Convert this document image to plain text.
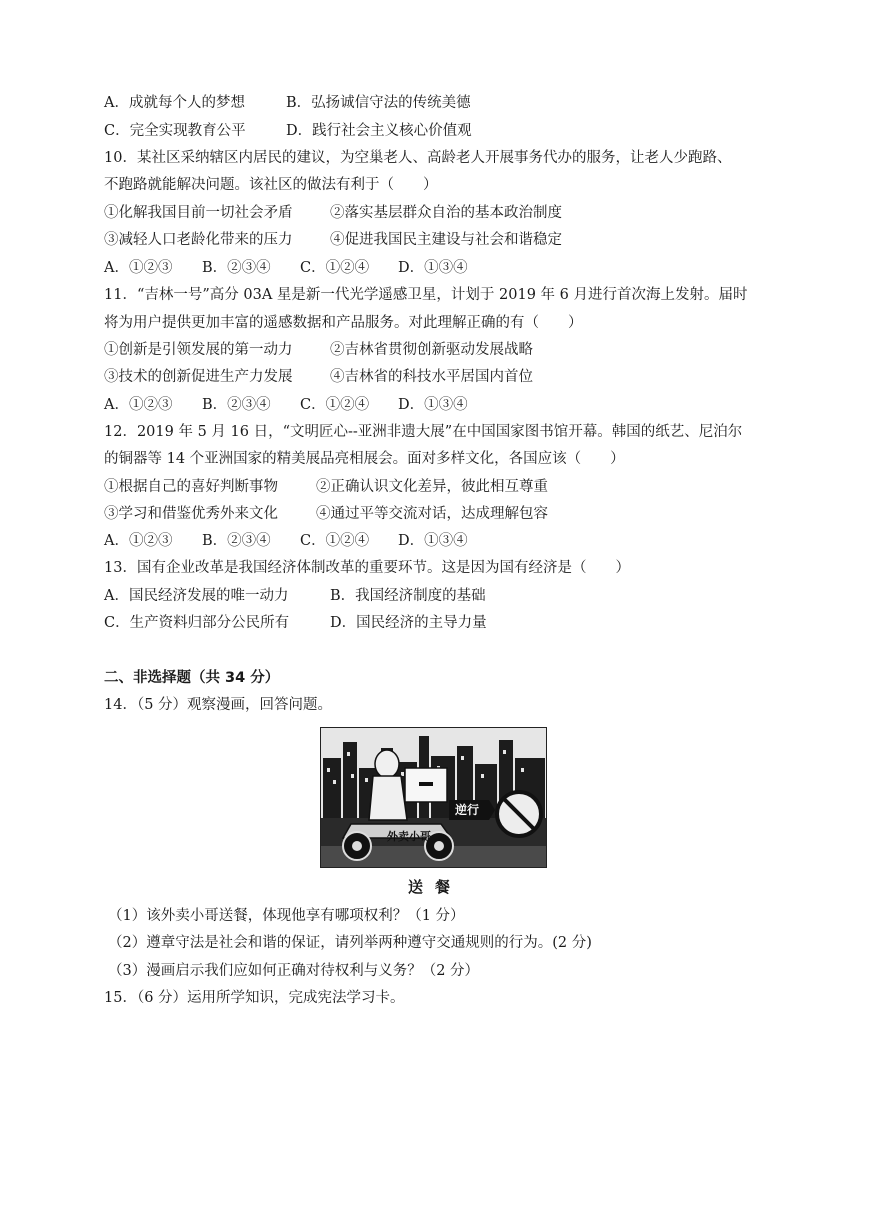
A．成就每个人的梦想	B．弘扬诚信守法的传统美德
C．完全实现教育公平	D．践行社会主义核心价值观
10．某社区采纳辖区内居民的建议，为空巢老人、高龄老人开展事务代办的服务，让老人少跑路、
不跑路就能解决问题。该社区的做法有利于（　　）
①化解我国目前一切社会矛盾	②落实基层群众自治的基本政治制度
③减轻人口老龄化带来的压力	④促进我国民主建设与社会和谐稳定
A．①②③ B．②③④ C．①②④ D．①③④
11．“吉林一号”高分 03A 星是新一代光学遥感卫星，计划于 2019 年 6 月进行首次海上发射。届时
将为用户提供更加丰富的遥感数据和产品服务。对此理解正确的有（　　）
①创新是引领发展的第一动力	②吉林省贯彻创新驱动发展战略
③技术的创新促进生产力发展	④吉林省的科技水平居国内首位
A．①②③ B．②③④ C．①②④ D．①③④
12．2019 年 5 月 16 日，“文明匠心--亚洲非遗大展”在中国国家图书馆开幕。韩国的纸艺、尼泊尔
的铜器等 14 个亚洲国家的精美展品亮相展会。面对多样文化，各国应该（　　）
①根据自己的喜好判断事物	②正确认识文化差异，彼此相互尊重
③学习和借鉴优秀外来文化	④通过平等交流对话，达成理解包容
A．①②③ B．②③④ C．①②④ D．①③④
13．国有企业改革是我国经济体制改革的重要环节。这是因为国有经济是（　　）
A．国民经济发展的唯一动力	B．我国经济制度的基础
C．生产资料归部分公民所有	D．国民经济的主导力量
二、非选择题（共 34 分）
14．（5 分）观察漫画，回答问题。
逆行
外卖小哥
送餐
（1）该外卖小哥送餐，体现他享有哪项权利？（1 分）
（2）遵章守法是社会和谐的保证，请列举两种遵守交通规则的行为。(2 分)
（3）漫画启示我们应如何正确对待权利与义务？（2 分）
15．（6 分）运用所学知识，完成宪法学习卡。
